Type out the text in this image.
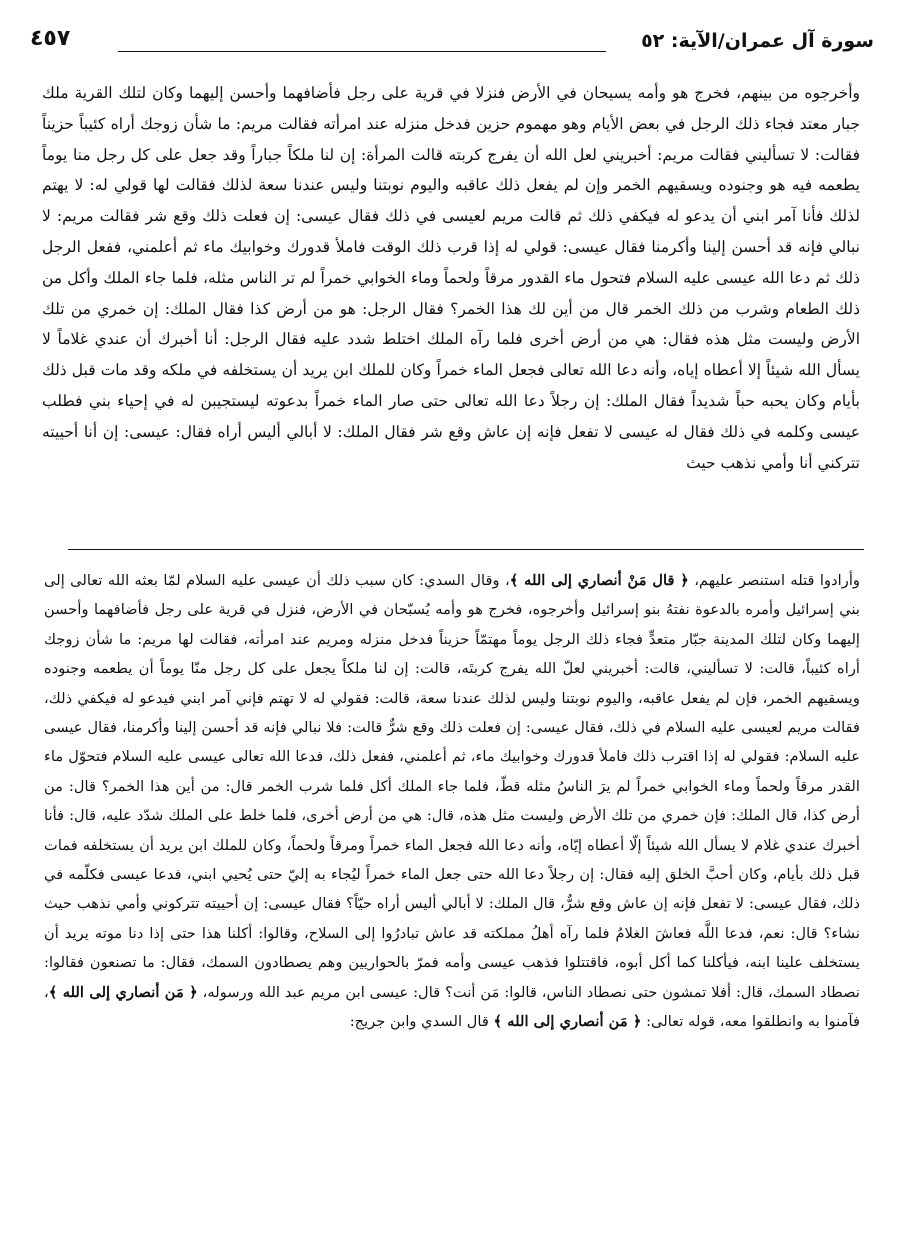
سورة آل عمران/الآية: ٥٢
٤٥٧
وأخرجوه من بينهم، فخرج هو وأمه يسيحان في الأرض فنزلا في قرية على رجل فأضافهما وأحسن إليهما وكان لتلك القرية ملك جبار معتد فجاء ذلك الرجل في بعض الأيام وهو مهموم حزين فدخل منزله عند امرأته فقالت مريم: ما شأن زوجك أراه كئيباً حزيناً فقالت: لا تسأليني فقالت مريم: أخبريني لعل الله أن يفرج كربته قالت المرأة: إن لنا ملكاً جباراً وقد جعل على كل رجل منا يوماً يطعمه فيه هو وجنوده ويسقيهم الخمر وإن لم يفعل ذلك عاقبه واليوم نوبتنا وليس عندنا سعة لذلك فقالت لها قولي له: لا يهتم لذلك فأنا آمر ابني أن يدعو له فيكفي ذلك ثم قالت مريم لعيسى في ذلك فقال عيسى: إن فعلت ذلك وقع شر فقالت مريم: لا نبالي فإنه قد أحسن إلينا وأكرمنا فقال عيسى: قولي له إذا قرب ذلك الوقت فاملأ قدورك وخوابيك ماء ثم أعلمني، ففعل الرجل ذلك ثم دعا الله عيسى عليه السلام فتحول ماء القدور مرقاً ولحماً وماء الخوابي خمراً لم تر الناس مثله، فلما جاء الملك وأكل من ذلك الطعام وشرب من ذلك الخمر قال من أين لك هذا الخمر؟ فقال الرجل: هو من أرض كذا فقال الملك: إن خمري من تلك الأرض وليست مثل هذه فقال: هي من أرض أخرى فلما رآه الملك اختلط شدد عليه فقال الرجل: أنا أخبرك أن عندي غلاماً لا يسأل الله شيئاً إلا أعطاه إياه، وأنه دعا الله تعالى فجعل الماء خمراً وكان للملك ابن يريد أن يستخلفه في ملكه وقد مات قبل ذلك بأيام وكان يحبه حباً شديداً فقال الملك: إن رجلاً دعا الله تعالى حتى صار الماء خمراً بدعوته ليستجيبن له في إحياء بني فطلب عيسى وكلمه في ذلك فقال له عيسى لا تفعل فإنه إن عاش وقع شر فقال الملك: لا أبالي أليس أراه فقال: عيسى: إن أنا أحييته تتركني أنا وأمي نذهب حيث
وأرادوا قتله استنصر عليهم، ﴿ قال مَنْ أنصاري إلى الله ﴾، وقال السدي: كان سبب ذلك أن عيسى عليه السلام لمّا بعثه الله تعالى إلى بني إسرائيل وأمره بالدعوة نفتهُ بنو إسرائيل وأخرجوه، فخرج هو وأمه يُسبّحان في الأرض، فنزل في قرية على رجل فأضافهما وأحسن إليهما وكان لتلك المدينة جبّار متعدٍّ فجاء ذلك الرجل يوماً مهتمّاً حزيناً فدخل منزله ومريم عند امرأته، فقالت لها مريم: ما شأن زوجك أراه كئيباً، قالت: لا تسأليني، قالت: أخبريني لعلّ الله يفرج كربتَه، قالت: إن لنا ملكاً يجعل على كل رجل منّا يوماً أن يطعمه وجنوده ويسقيهم الخمر، فإن لم يفعل عاقبه، واليوم نوبتنا وليس لذلك عندنا سعة، قالت: فقولي له لا تهتم فإني آمر ابني فيدعو له فيكفي ذلك، فقالت مريم لعيسى عليه السلام في ذلك، فقال عيسى: إن فعلت ذلك وقع شرٌّ قالت: فلا نبالي فإنه قد أحسن إلينا وأكرمنا، فقال عيسى عليه السلام: فقولي له إذا اقترب ذلك فاملأ قدورك وخوابيك ماء، ثم أعلمني، ففعل ذلك، فدعا الله تعالى عيسى عليه السلام فتحوّل ماء القدر مرقاً ولحماً وماء الخوابي خمراً لم يرَ الناسُ مثله قطّ، فلما جاء الملك أكل فلما شرب الخمر قال: من أين هذا الخمر؟ قال: من أرض كذا، قال الملك: فإن خمري من تلك الأرض وليست مثل هذه، قال: هي من أرض أخرى، فلما خلط على الملك شدّد عليه، قال: فأنا أخبرك عندي غلام لا يسأل الله شيئاً إلّا أعطاه إيّاه، وأنه دعا الله فجعل الماء خمراً ومرقاً ولحماً، وكان للملك ابن يريد أن يستخلفه فمات قبل ذلك بأيام، وكان أحبَّ الخلق إليه فقال: إن رجلاً دعا الله حتى جعل الماء خمراً ليُجاء به إليّ حتى يُحيي ابني، فدعا عيسى فكلّمه في ذلك، فقال عيسى: لا تفعل فإنه إن عاش وقع شرٌّ، قال الملك: لا أبالي أليس أراه حيّاً؟ فقال عيسى: إن أحييته تتركوني وأمي نذهب حيث نشاء؟ قال: نعم، فدعا اللَّه فعاشَ الغلامُ فلما رآه أهلُ مملكته قد عاش تبادرُوا إلى السلاح، وقالوا: أكلنا هذا حتى إذا دنا موته يريد أن يستخلف علينا ابنه، فيأكلنا كما أكل أبوه، فاقتتلوا فذهب عيسى وأمه فمرّ بالحواريين وهم يصطادون السمك، فقال: ما تصنعون فقالوا: نصطاد السمك، قال: أفلا تمشون حتى نصطاد الناس، قالوا: مَن أنت؟ قال: عيسى ابن مريم عبد الله ورسوله، ﴿ مَن أنصاري إلى الله ﴾، فآمنوا به وانطلقوا معه، قوله تعالى: ﴿ مَن أنصاري إلى الله ﴾ قال السدي وابن جريج:
